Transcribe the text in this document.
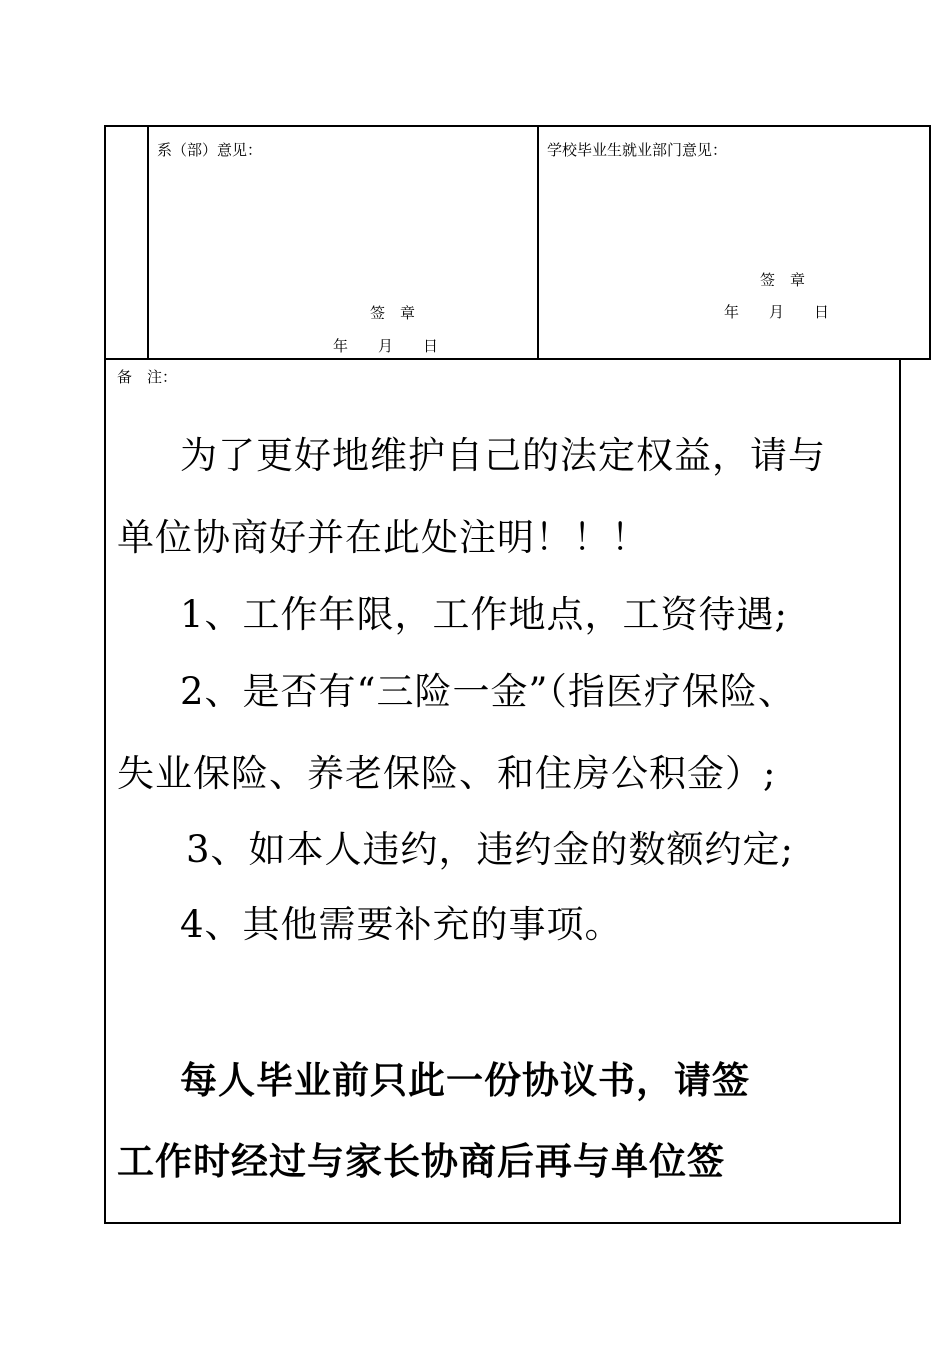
系（部）意见：
签　章
年　　月　　日
学校毕业生就业部门意见：
签　章
年　　月　　日
备　注：
为了更好地维护自己的法定权益，请与
单位协商好并在此处注明！！！
1、工作年限，工作地点，工资待遇;
2、是否有“三险一金”（指医疗保险、
失业保险、养老保险、和住房公积金）;
3、如本人违约，违约金的数额约定;
4、其他需要补充的事项。
每人毕业前只此一份协议书，请签
工作时经过与家长协商后再与单位签
